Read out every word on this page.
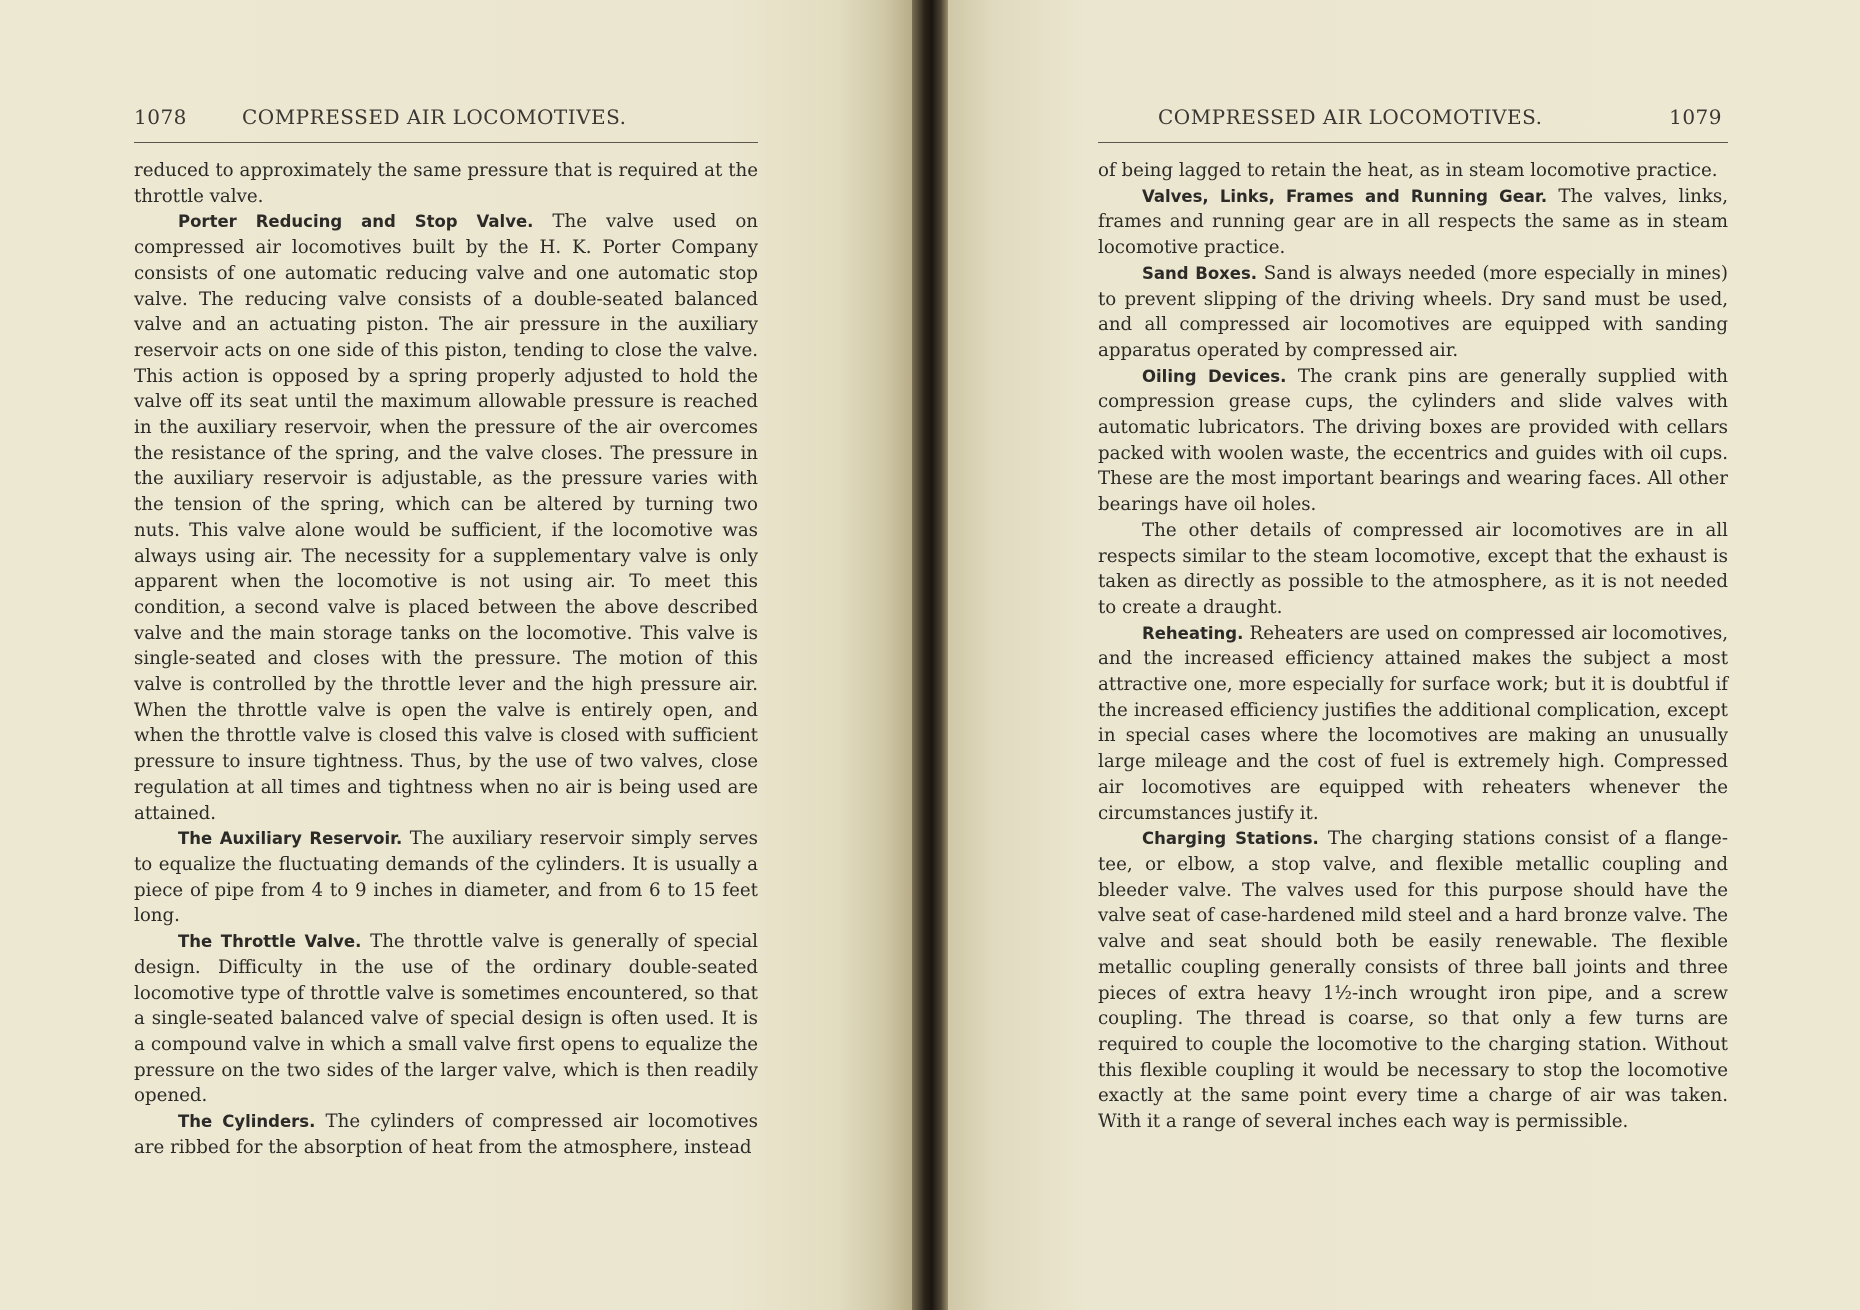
1078	COMPRESSED AIR LOCOMOTIVES.

reduced to approximately the same pressure that is required at the throttle valve.

Porter Reducing and Stop Valve. The valve used on compressed air locomotives built by the H. K. Porter Company consists of one automatic reducing valve and one automatic stop valve. The reducing valve consists of a double-seated balanced valve and an actuating piston. The air pressure in the auxiliary reservoir acts on one side of this piston, tending to close the valve. This action is opposed by a spring properly adjusted to hold the valve off its seat until the maximum allowable pressure is reached in the auxiliary reservoir, when the pressure of the air overcomes the resistance of the spring, and the valve closes. The pressure in the auxiliary reservoir is adjustable, as the pressure varies with the tension of the spring, which can be altered by turning two nuts. This valve alone would be sufficient, if the locomotive was always using air. The necessity for a supplementary valve is only apparent when the locomotive is not using air. To meet this condition, a second valve is placed between the above described valve and the main storage tanks on the locomotive. This valve is single-seated and closes with the pressure. The motion of this valve is controlled by the throttle lever and the high pressure air. When the throttle valve is open the valve is entirely open, and when the throttle valve is closed this valve is closed with sufficient pressure to insure tightness. Thus, by the use of two valves, close regulation at all times and tightness when no air is being used are attained.

The Auxiliary Reservoir. The auxiliary reservoir simply serves to equalize the fluctuating demands of the cylinders. It is usually a piece of pipe from 4 to 9 inches in diameter, and from 6 to 15 feet long.

The Throttle Valve. The throttle valve is generally of special design. Difficulty in the use of the ordinary double-seated locomotive type of throttle valve is sometimes encountered, so that a single-seated balanced valve of special design is often used. It is a compound valve in which a small valve first opens to equalize the pressure on the two sides of the larger valve, which is then readily opened.

The Cylinders. The cylinders of compressed air locomotives are ribbed for the absorption of heat from the atmosphere, instead

COMPRESSED AIR LOCOMOTIVES.	1079

of being lagged to retain the heat, as in steam locomotive practice.

Valves, Links, Frames and Running Gear. The valves, links, frames and running gear are in all respects the same as in steam locomotive practice.

Sand Boxes. Sand is always needed (more especially in mines) to prevent slipping of the driving wheels. Dry sand must be used, and all compressed air locomotives are equipped with sanding apparatus operated by compressed air.

Oiling Devices. The crank pins are generally supplied with compression grease cups, the cylinders and slide valves with automatic lubricators. The driving boxes are provided with cellars packed with woolen waste, the eccentrics and guides with oil cups. These are the most important bearings and wearing faces. All other bearings have oil holes.

The other details of compressed air locomotives are in all respects similar to the steam locomotive, except that the exhaust is taken as directly as possible to the atmosphere, as it is not needed to create a draught.

Reheating. Reheaters are used on compressed air locomotives, and the increased efficiency attained makes the subject a most attractive one, more especially for surface work; but it is doubtful if the increased efficiency justifies the additional complication, except in special cases where the locomotives are making an unusually large mileage and the cost of fuel is extremely high. Compressed air locomotives are equipped with reheaters whenever the circumstances justify it.

Charging Stations. The charging stations consist of a flange-tee, or elbow, a stop valve, and flexible metallic coupling and bleeder valve. The valves used for this purpose should have the valve seat of case-hardened mild steel and a hard bronze valve. The valve and seat should both be easily renewable. The flexible metallic coupling generally consists of three ball joints and three pieces of extra heavy 1½-inch wrought iron pipe, and a screw coupling. The thread is coarse, so that only a few turns are required to couple the locomotive to the charging station. Without this flexible coupling it would be necessary to stop the locomotive exactly at the same point every time a charge of air was taken. With it a range of several inches each way is permissible.
